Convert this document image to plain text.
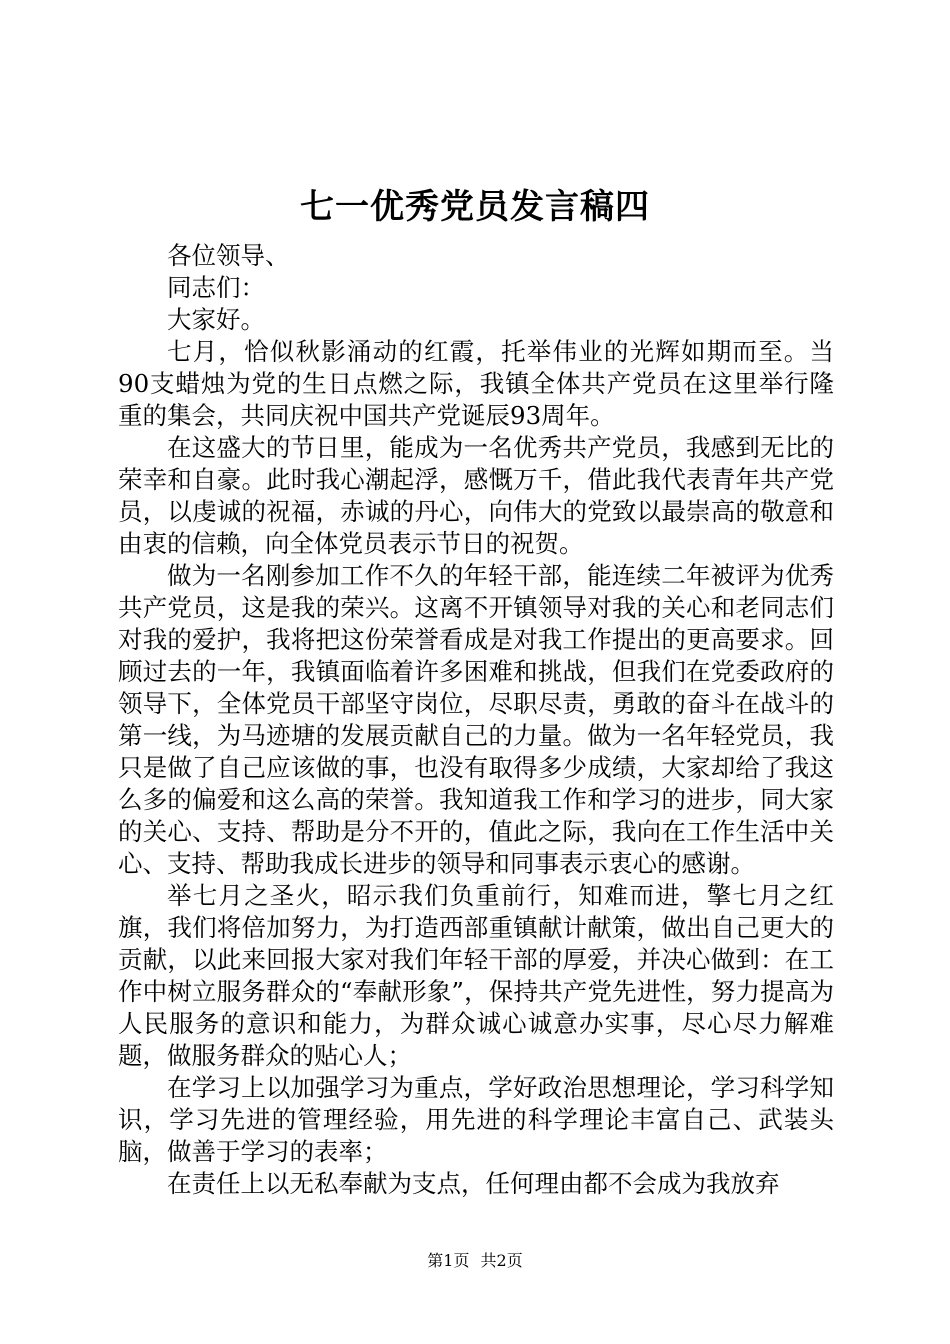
七一优秀党员发言稿四

各位领导、

同志们：

大家好。

七月，恰似秋影涌动的红霞，托举伟业的光辉如期而至。当90支蜡烛为党的生日点燃之际，我镇全体共产党员在这里举行隆重的集会，共同庆祝中国共产党诞辰93周年。

在这盛大的节日里，能成为一名优秀共产党员，我感到无比的荣幸和自豪。此时我心潮起浮，感慨万千，借此我代表青年共产党员，以虔诚的祝福，赤诚的丹心，向伟大的党致以最崇高的敬意和由衷的信赖，向全体党员表示节日的祝贺。

做为一名刚参加工作不久的年轻干部，能连续二年被评为优秀共产党员，这是我的荣兴。这离不开镇领导对我的关心和老同志们对我的爱护，我将把这份荣誉看成是对我工作提出的更高要求。回顾过去的一年，我镇面临着许多困难和挑战，但我们在党委政府的领导下，全体党员干部坚守岗位，尽职尽责，勇敢的奋斗在战斗的第一线，为马迹塘的发展贡献自己的力量。做为一名年轻党员，我只是做了自己应该做的事，也没有取得多少成绩，大家却给了我这么多的偏爱和这么高的荣誉。我知道我工作和学习的进步，同大家的关心、支持、帮助是分不开的，值此之际，我向在工作生活中关心、支持、帮助我成长进步的领导和同事表示衷心的感谢。

举七月之圣火，昭示我们负重前行，知难而进，擎七月之红旗，我们将倍加努力，为打造西部重镇献计献策，做出自己更大的贡献，以此来回报大家对我们年轻干部的厚爱，并决心做到：在工作中树立服务群众的“奉献形象”，保持共产党先进性，努力提高为人民服务的意识和能力，为群众诚心诚意办实事，尽心尽力解难题，做服务群众的贴心人；

在学习上以加强学习为重点，学好政治思想理论，学习科学知识，学习先进的管理经验，用先进的科学理论丰富自己、武装头脑，做善于学习的表率；

在责任上以无私奉献为支点，任何理由都不会成为我放弃

第1页 共2页
